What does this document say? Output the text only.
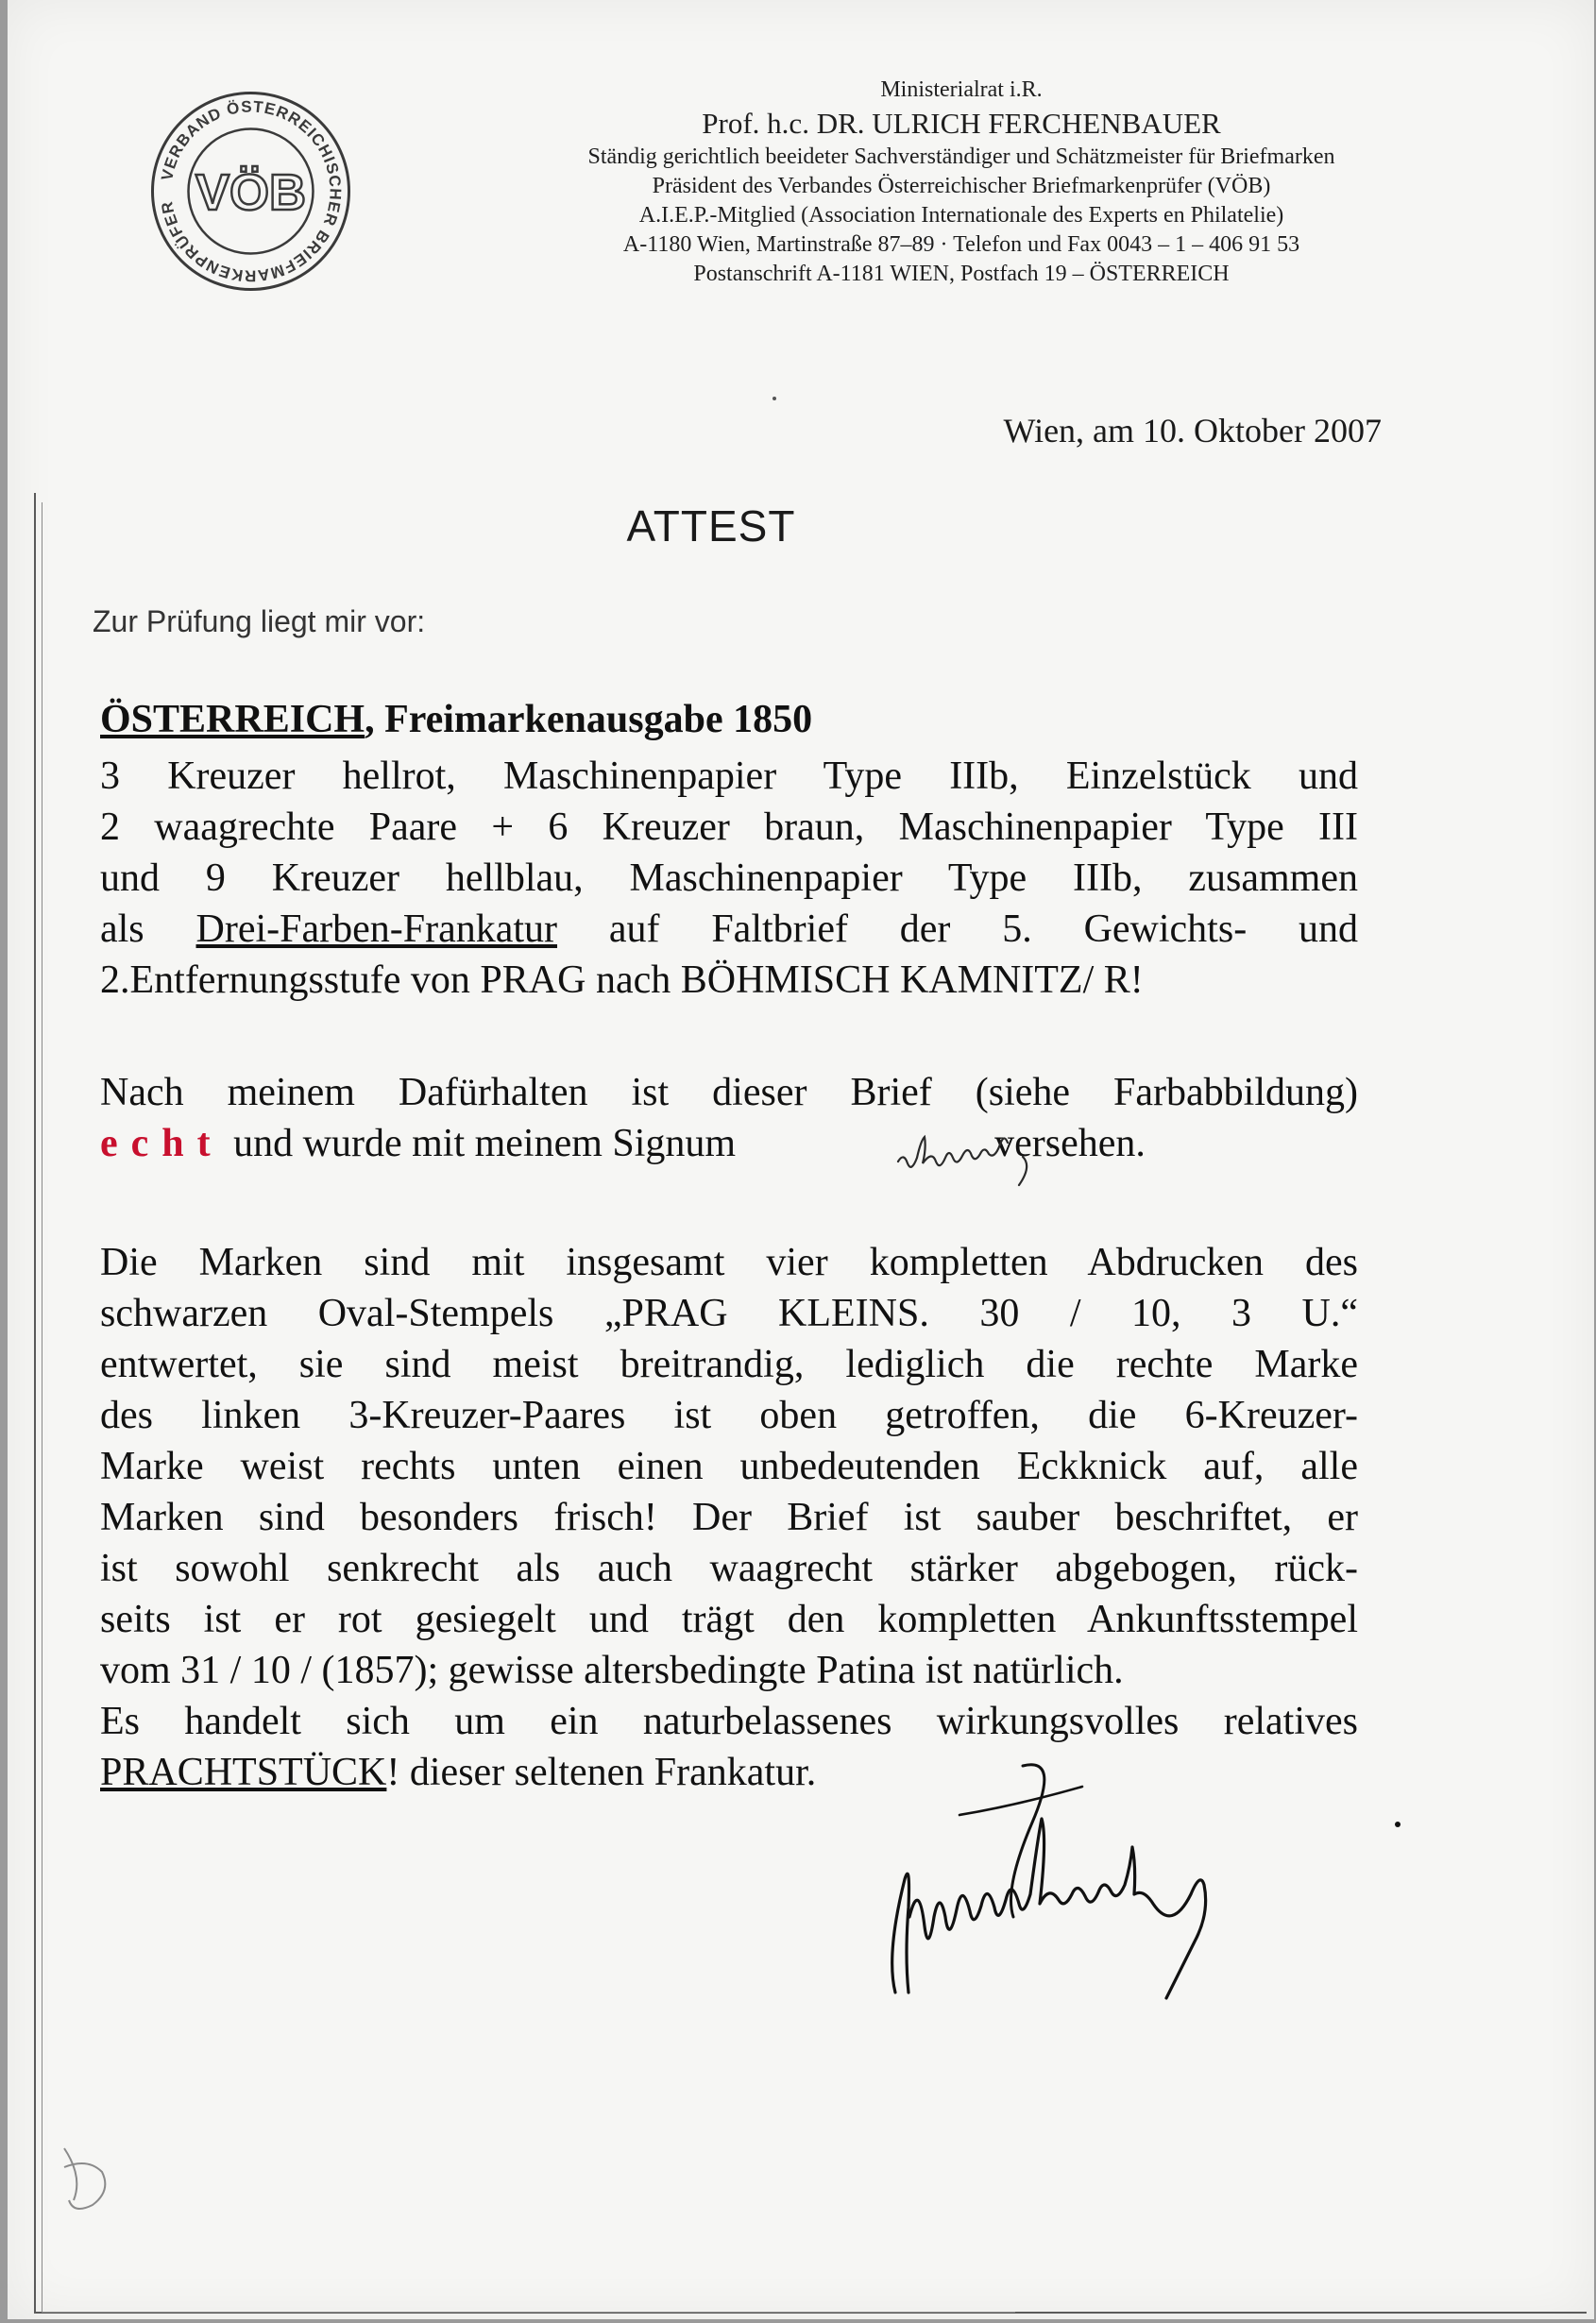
VERBAND ÖSTERREICHISCHER BRIEFMARKENPRÜFER VÖB
Ministerialrat i.R.
Prof. h.c. DR. ULRICH FERCHENBAUER
Ständig gerichtlich beeideter Sachverständiger und Schätzmeister für Briefmarken
Präsident des Verbandes Österreichischer Briefmarkenprüfer (VÖB)
A.I.E.P.-Mitglied (Association Internationale des Experts en Philatelie)
A-1180 Wien, Martinstraße 87–89 · Telefon und Fax 0043 – 1 – 406 91 53
Postanschrift A-1181 WIEN, Postfach 19 – ÖSTERREICH
Wien, am 10. Oktober 2007
ATTEST
Zur Prüfung liegt mir vor:
ÖSTERREICH, Freimarkenausgabe 1850
3 Kreuzer hellrot, Maschinenpapier Type IIIb, Einzelstück und
2 waagrechte Paare + 6 Kreuzer braun, Maschinenpapier Type III
und 9 Kreuzer hellblau, Maschinenpapier Type IIIb, zusammen
als Drei-Farben-Frankatur auf Faltbrief der 5. Gewichts- und
2.Entfernungsstufe von PRAG nach BÖHMISCH KAMNITZ/ R!
Nach meinem Dafürhalten ist dieser Brief (siehe Farbabbildung)
echt und wurde mit meinem Signum	versehen.
Die Marken sind mit insgesamt vier kompletten Abdrucken des
schwarzen Oval-Stempels „PRAG KLEINS. 30 / 10, 3 U.“
entwertet, sie sind meist breitrandig, lediglich die rechte Marke
des linken 3-Kreuzer-Paares ist oben getroffen, die 6-Kreuzer-
Marke weist rechts unten einen unbedeutenden Eckknick auf, alle
Marken sind besonders frisch! Der Brief ist sauber beschriftet, er
ist sowohl senkrecht als auch waagrecht stärker abgebogen, rück-
seits ist er rot gesiegelt und trägt den kompletten Ankunftsstempel
vom 31 / 10 / (1857); gewisse altersbedingte Patina ist natürlich.
Es handelt sich um ein naturbelassenes wirkungsvolles relatives
PRACHTSTÜCK! dieser seltenen Frankatur.
